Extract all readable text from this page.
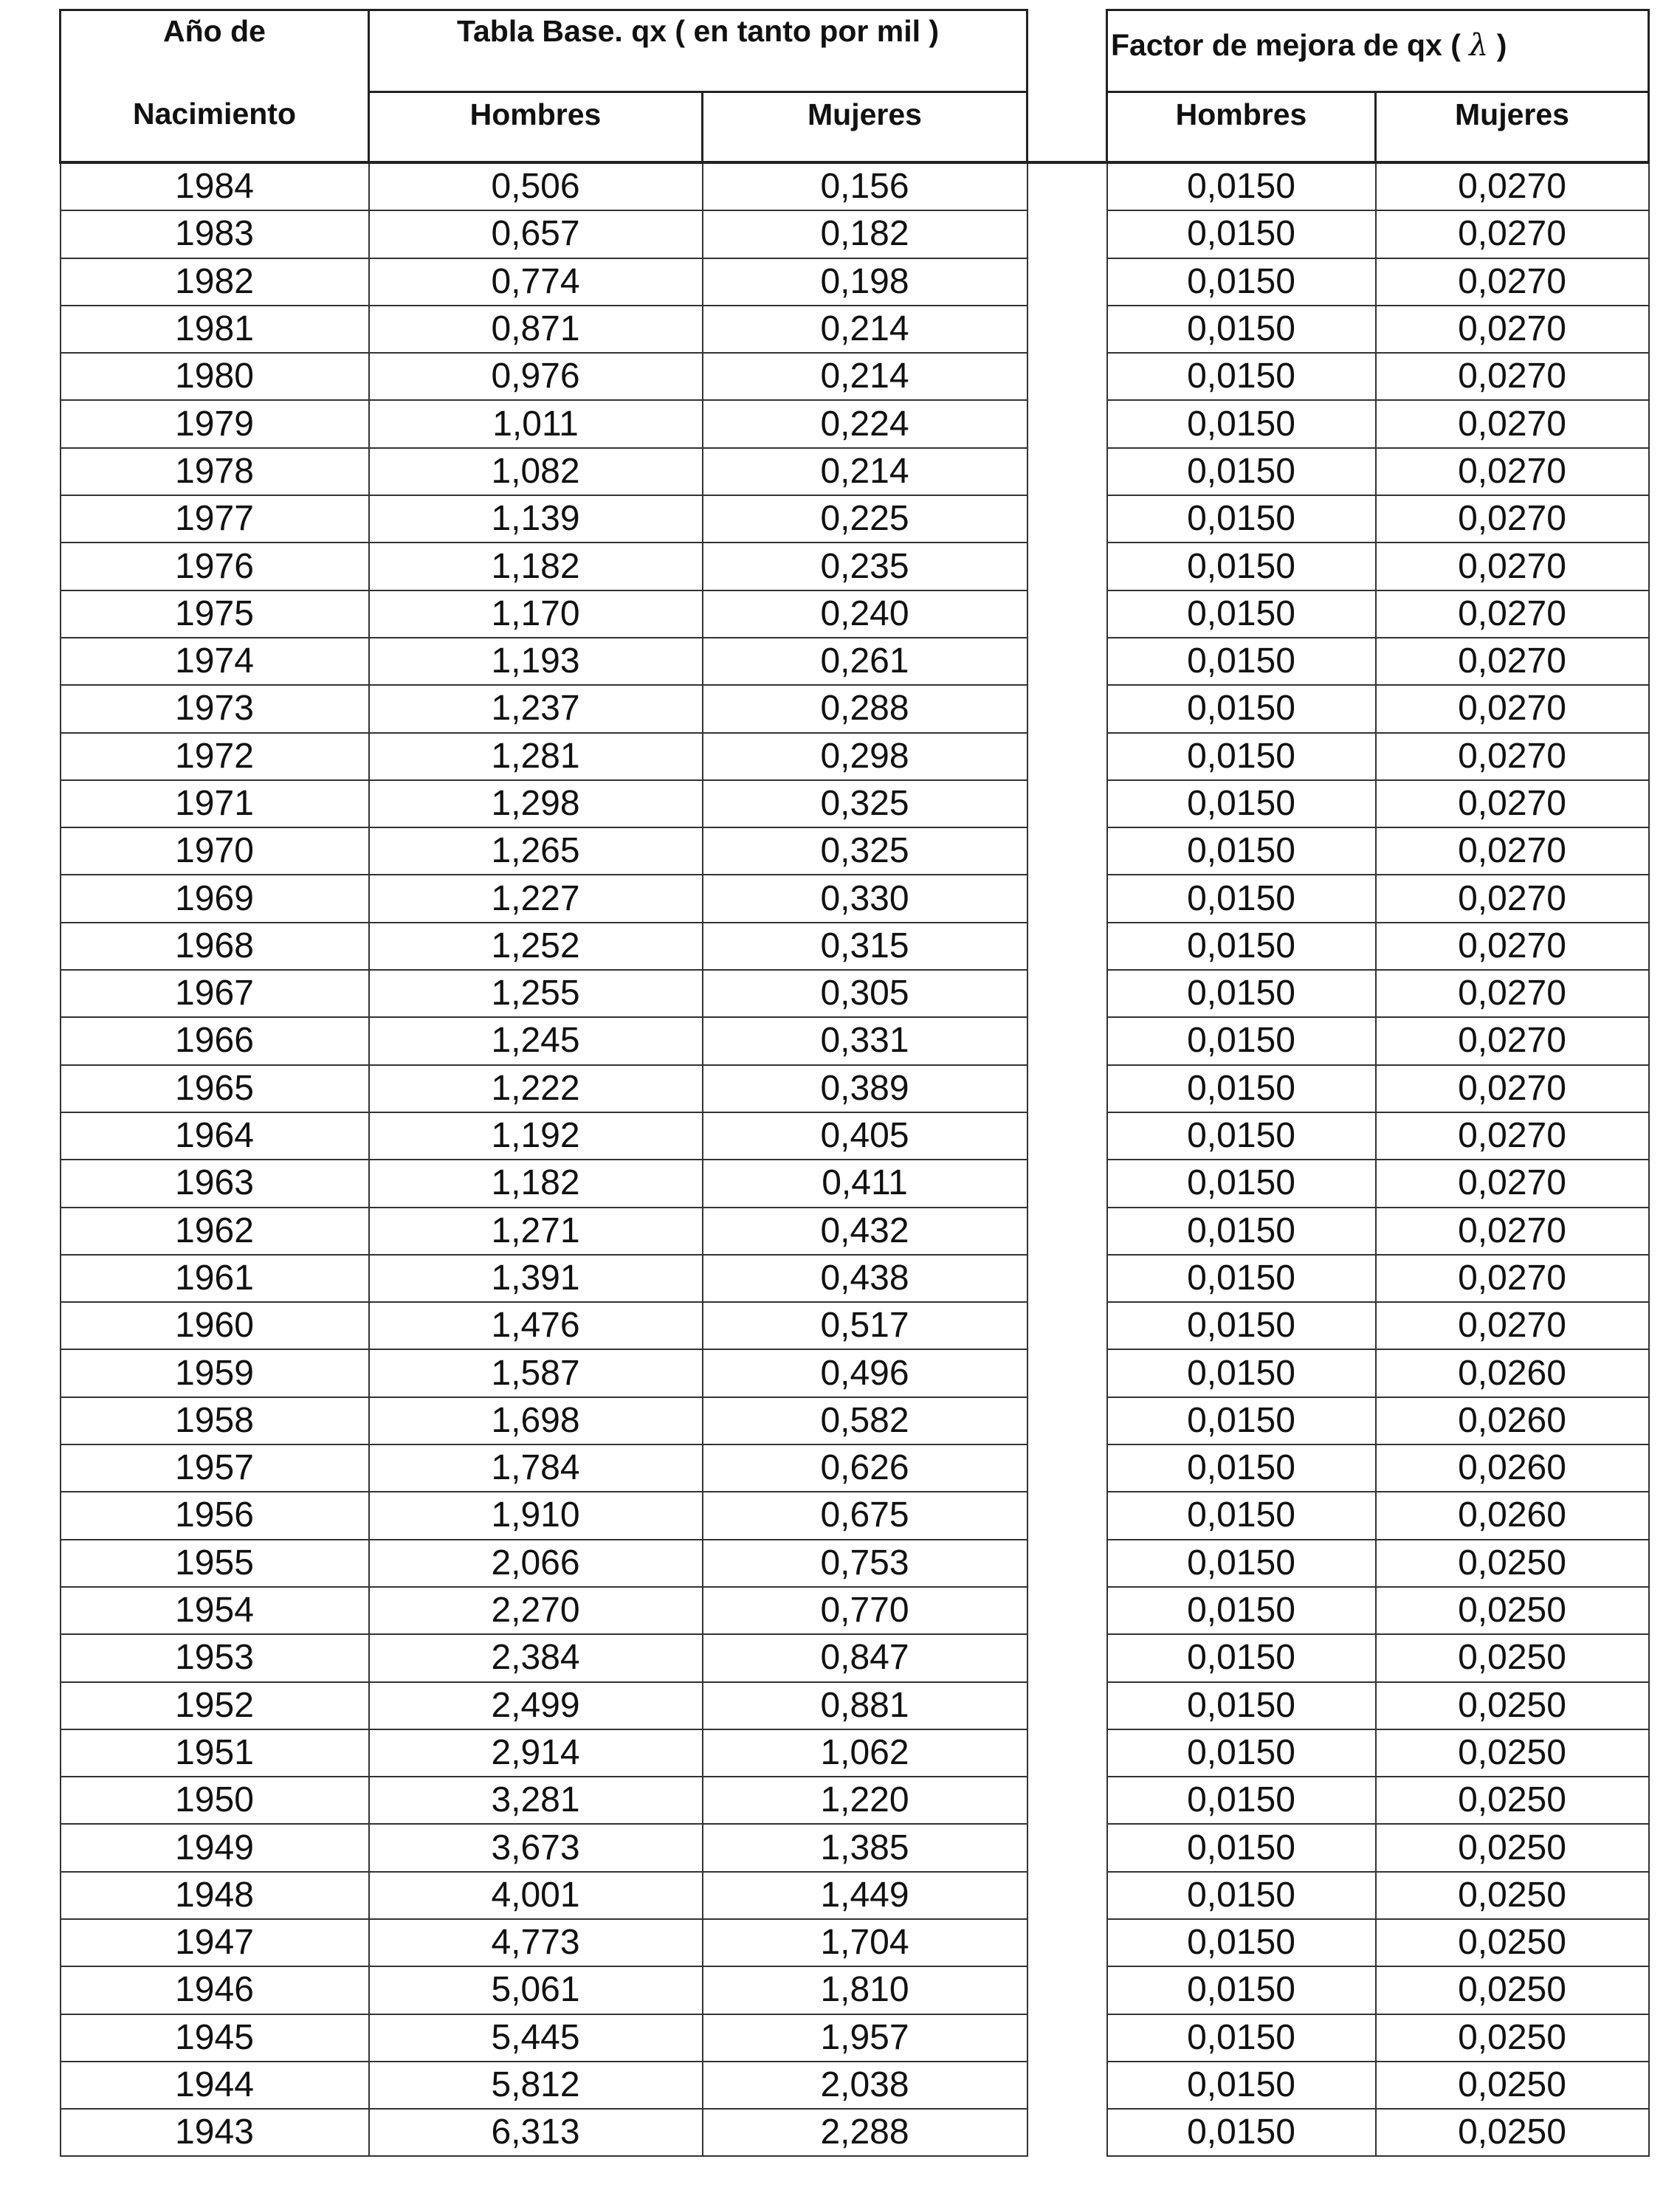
Año de	Tabla Base. qx ( en tanto por mil )			Factor de mejora de qx ( λ )	
Nacimiento	Hombres	Mujeres		Hombres	Mujeres
1984	0,506	0,156		0,0150	0,0270
1983	0,657	0,182		0,0150	0,0270
1982	0,774	0,198		0,0150	0,0270
1981	0,871	0,214		0,0150	0,0270
1980	0,976	0,214		0,0150	0,0270
1979	1,011	0,224		0,0150	0,0270
1978	1,082	0,214		0,0150	0,0270
1977	1,139	0,225		0,0150	0,0270
1976	1,182	0,235		0,0150	0,0270
1975	1,170	0,240		0,0150	0,0270
1974	1,193	0,261		0,0150	0,0270
1973	1,237	0,288		0,0150	0,0270
1972	1,281	0,298		0,0150	0,0270
1971	1,298	0,325		0,0150	0,0270
1970	1,265	0,325		0,0150	0,0270
1969	1,227	0,330		0,0150	0,0270
1968	1,252	0,315		0,0150	0,0270
1967	1,255	0,305		0,0150	0,0270
1966	1,245	0,331		0,0150	0,0270
1965	1,222	0,389		0,0150	0,0270
1964	1,192	0,405		0,0150	0,0270
1963	1,182	0,411		0,0150	0,0270
1962	1,271	0,432		0,0150	0,0270
1961	1,391	0,438		0,0150	0,0270
1960	1,476	0,517		0,0150	0,0270
1959	1,587	0,496		0,0150	0,0260
1958	1,698	0,582		0,0150	0,0260
1957	1,784	0,626		0,0150	0,0260
1956	1,910	0,675		0,0150	0,0260
1955	2,066	0,753		0,0150	0,0250
1954	2,270	0,770		0,0150	0,0250
1953	2,384	0,847		0,0150	0,0250
1952	2,499	0,881		0,0150	0,0250
1951	2,914	1,062		0,0150	0,0250
1950	3,281	1,220		0,0150	0,0250
1949	3,673	1,385		0,0150	0,0250
1948	4,001	1,449		0,0150	0,0250
1947	4,773	1,704		0,0150	0,0250
1946	5,061	1,810		0,0150	0,0250
1945	5,445	1,957		0,0150	0,0250
1944	5,812	2,038		0,0150	0,0250
1943	6,313	2,288		0,0150	0,0250
